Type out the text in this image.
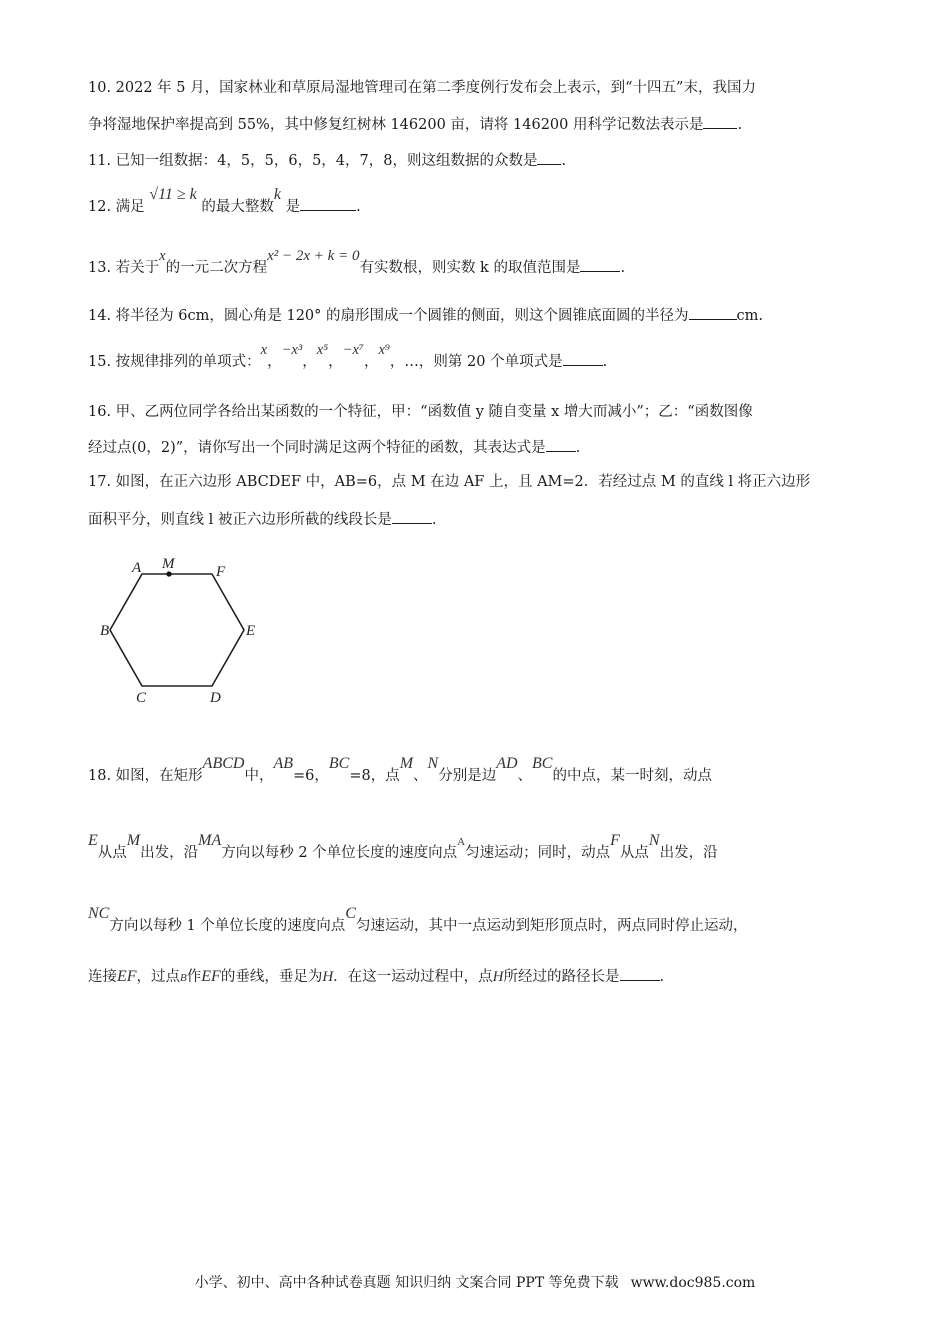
10. 2022 年 5 月，国家林业和草原局湿地管理司在第二季度例行发布会上表示，到“十四五”末，我国力
争将湿地保护率提高到 55%，其中修复红树林 146200 亩，请将 146200 用科学记数法表示是 .
11. 已知一组数据：4，5，5，6，5，4，7，8，则这组数据的众数是 .
12. 满足 √11 ≥ k 的最大整数k 是	.
13. 若关于x的一元二次方程x² − 2x + k = 0有实数根，则实数 k 的取值范围是	.
14. 将半径为 6cm，圆心角是 120° 的扇形围成一个圆锥的侧面，则这个圆锥底面圆的半径为	cm.
15. 按规律排列的单项式：x，−x³，x⁵，−x⁷，x⁹，…，则第 20 个单项式是	.
16. 甲、乙两位同学各给出某函数的一个特征，甲：“函数值 y 随自变量 x 增大而减小”；乙：“函数图像
经过点(0，2)”，请你写出一个同时满足这两个特征的函数，其表达式是 .
17. 如图，在正六边形 ABCDEF 中，AB=6，点 M 在边 AF 上，且 AM=2．若经过点 M 的直线 l 将正六边形
面积平分，则直线 l 被正六边形所截的线段长是	.
A M	F
B	E
C	D
18. 如图，在矩形ABCD中，AB=6，BC=8，点M、N分别是边AD、BC的中点，某一时刻，动点
E从点M出发，沿MA方向以每秒 2 个单位长度的速度向点$^A$匀速运动；同时，动点F从点N出发，沿
NC方向以每秒 1 个单位长度的速度向点C匀速运动，其中一点运动到矩形顶点时，两点同时停止运动，
连接EF，过点B作EF的垂线，垂足为H．在这一运动过程中，点H所经过的路径长是	.
小学、初中、高中各种试卷真题 知识归纳 文案合同 PPT 等免费下载 www.doc985.com
